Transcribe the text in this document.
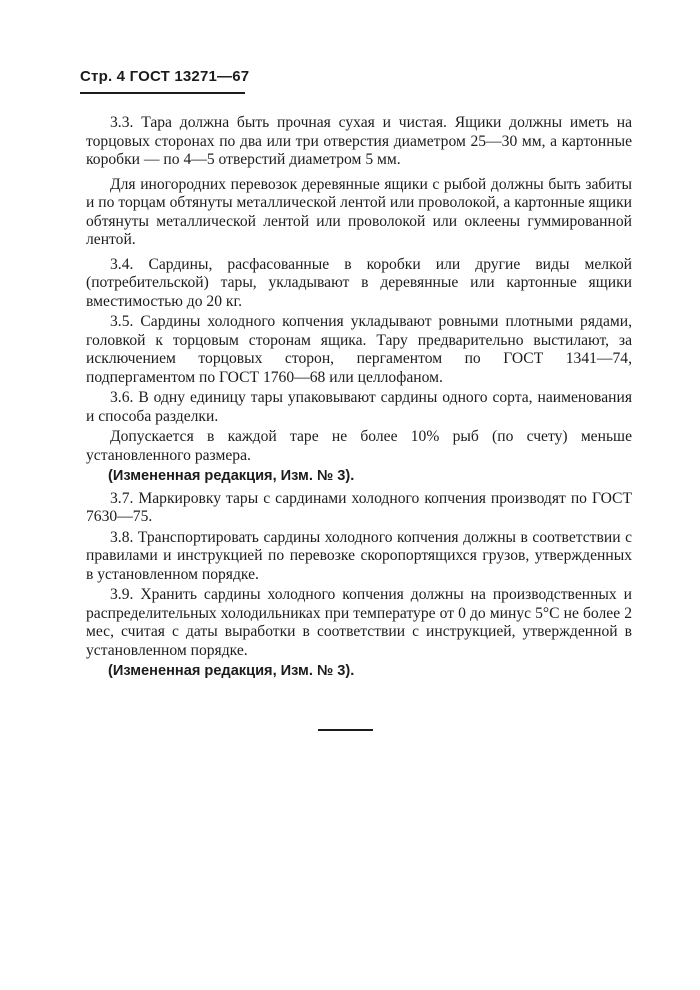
Стр. 4 ГОСТ 13271—67

3.3. Тара должна быть прочная сухая и чистая. Ящики должны иметь на торцовых сторонах по два или три отверстия диаметром 25—30 мм, а картонные коробки — по 4—5 отверстий диаметром 5 мм.

Для иногородних перевозок деревянные ящики с рыбой должны быть забиты и по торцам обтянуты металлической лентой или проволокой, а картонные ящики обтянуты металлической лентой или проволокой или оклеены гуммированной лентой.

3.4. Сардины, расфасованные в коробки или другие виды мелкой (потребительской) тары, укладывают в деревянные или картонные ящики вместимостью до 20 кг.

3.5. Сардины холодного копчения укладывают ровными плотными рядами, головкой к торцовым сторонам ящика. Тару предварительно выстилают, за исключением торцовых сторон, пергаментом по ГОСТ 1341—74, подпергаментом по ГОСТ 1760—68 или целлофаном.

3.6. В одну единицу тары упаковывают сардины одного сорта, наименования и способа разделки.

Допускается в каждой таре не более 10% рыб (по счету) меньше установленного размера.

(Измененная редакция, Изм. № 3).

3.7. Маркировку тары с сардинами холодного копчения производят по ГОСТ 7630—75.

3.8. Транспортировать сардины холодного копчения должны в соответствии с правилами и инструкцией по перевозке скоропортящихся грузов, утвержденных в установленном порядке.

3.9. Хранить сардины холодного копчения должны на производственных и распределительных холодильниках при температуре от 0 до минус 5°С не более 2 мес, считая с даты выработки в соответствии с инструкцией, утвержденной в установленном порядке.

(Измененная редакция, Изм. № 3).
